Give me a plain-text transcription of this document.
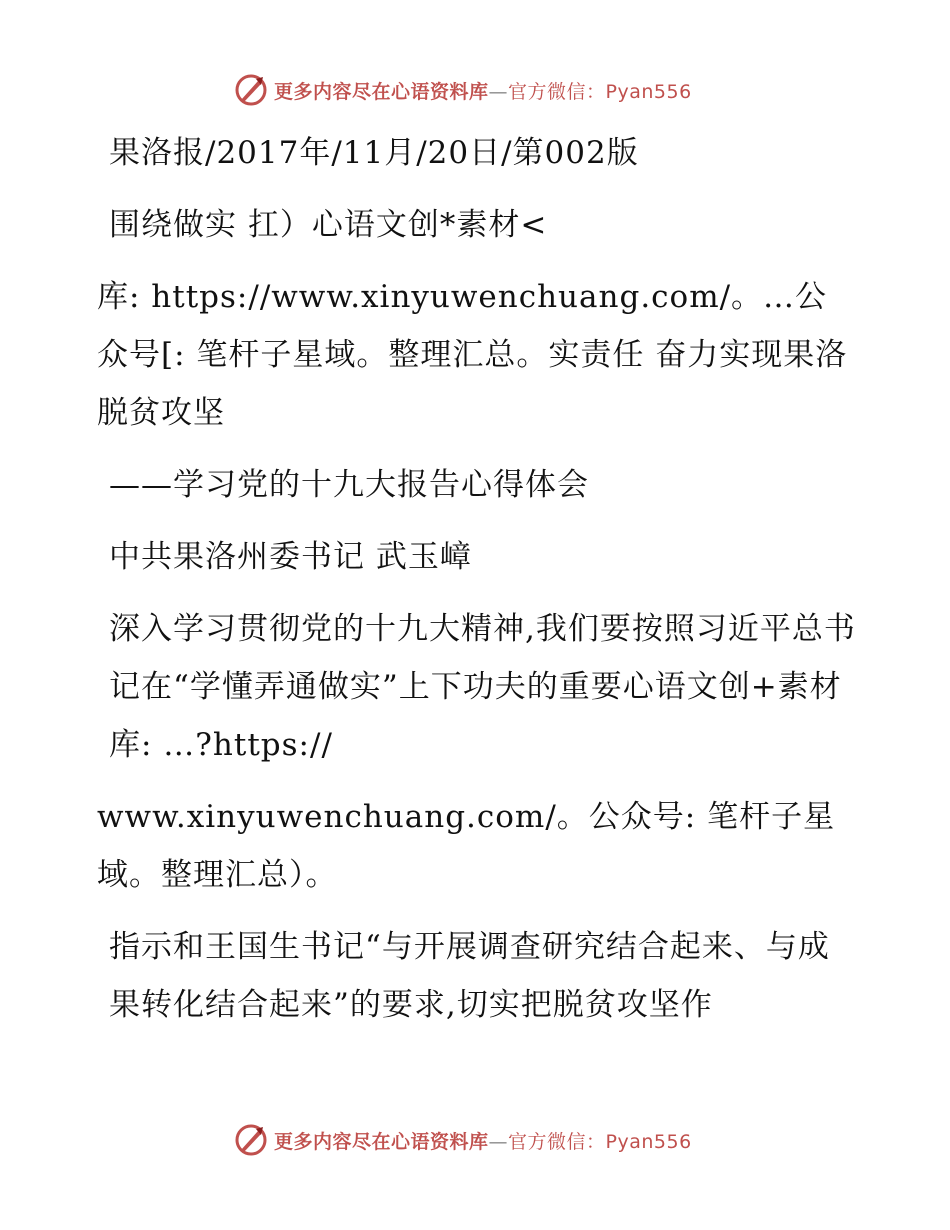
更多内容尽在心语资料库—官方微信：Pyan556

果洛报/2017年/11月/20日/第002版

围绕做实 扛）心语文创*素材<

库: https://www.xinyuwenchuang.com/。…公众号[: 笔杆子星域。整理汇总。实责任 奋力实现果洛脱贫攻坚

——学习党的十九大报告心得体会

中共果洛州委书记 武玉嶂

深入学习贯彻党的十九大精神,我们要按照习近平总书记在“学懂弄通做实”上下功夫的重要心语文创+素材库: …?https://

www.xinyuwenchuang.com/。公众号: 笔杆子星域。整理汇总）。

指示和王国生书记“与开展调查研究结合起来、与成果转化结合起来”的要求,切实把脱贫攻坚作

更多内容尽在心语资料库—官方微信：Pyan556
